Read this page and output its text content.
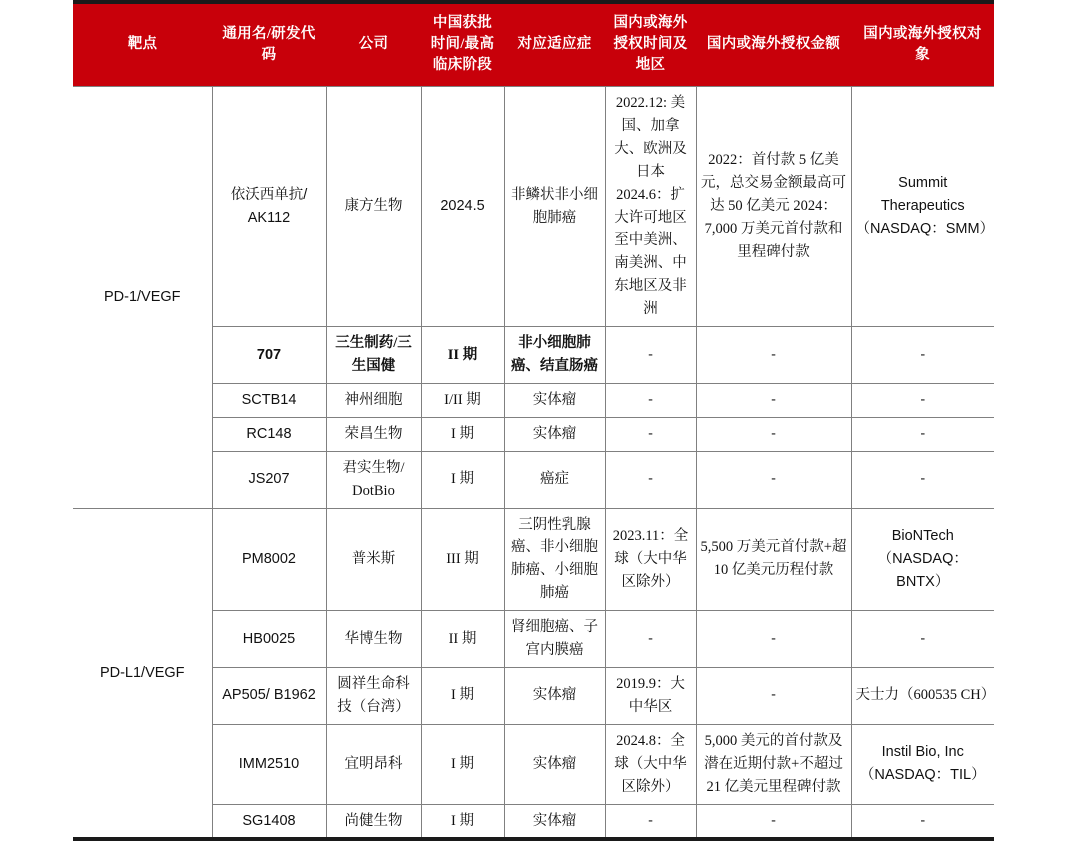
靶点	通用名/研发代码	公司	中国获批时间/最高临床阶段	对应适应症	国内或海外授权时间及地区	国内或海外授权金额	国内或海外授权对象
PD-1/VEGF	依沃西单抗/ AK112	康方生物	2024.5	非鳞状非小细胞肺癌	2022.12: 美国、加拿大、欧洲及日本 2024.6：扩大许可地区至中美洲、南美洲、中东地区及非洲	2022：首付款 5 亿美元，总交易金额最高可达 50 亿美元 2024：7,000 万美元首付款和里程碑付款	Summit Therapeutics（NASDAQ：SMM）
	707	三生制药/三生国健	II 期	非小细胞肺癌、结直肠癌	-	-	-
	SCTB14	神州细胞	I/II 期	实体瘤	-	-	-
	RC148	荣昌生物	I 期	实体瘤	-	-	-
	JS207	君实生物/ DotBio	I 期	癌症	-	-	-
PD-L1/VEGF	PM8002	普米斯	III 期	三阴性乳腺癌、非小细胞肺癌、小细胞肺癌	2023.11：全球（大中华区除外）	5,500 万美元首付款+超 10 亿美元历程付款	BioNTech（NASDAQ：BNTX）
	HB0025	华博生物	II 期	肾细胞癌、子宫内膜癌	-	-	-
	AP505/ B1962	圆祥生命科技（台湾）	I 期	实体瘤	2019.9：大中华区	-	天士力（600535 CH）
	IMM2510	宜明昂科	I 期	实体瘤	2024.8：全球（大中华区除外）	5,000 美元的首付款及潜在近期付款+不超过 21 亿美元里程碑付款	Instil Bio, Inc（NASDAQ：TIL）
	SG1408	尚健生物	I 期	实体瘤	-	-	-
